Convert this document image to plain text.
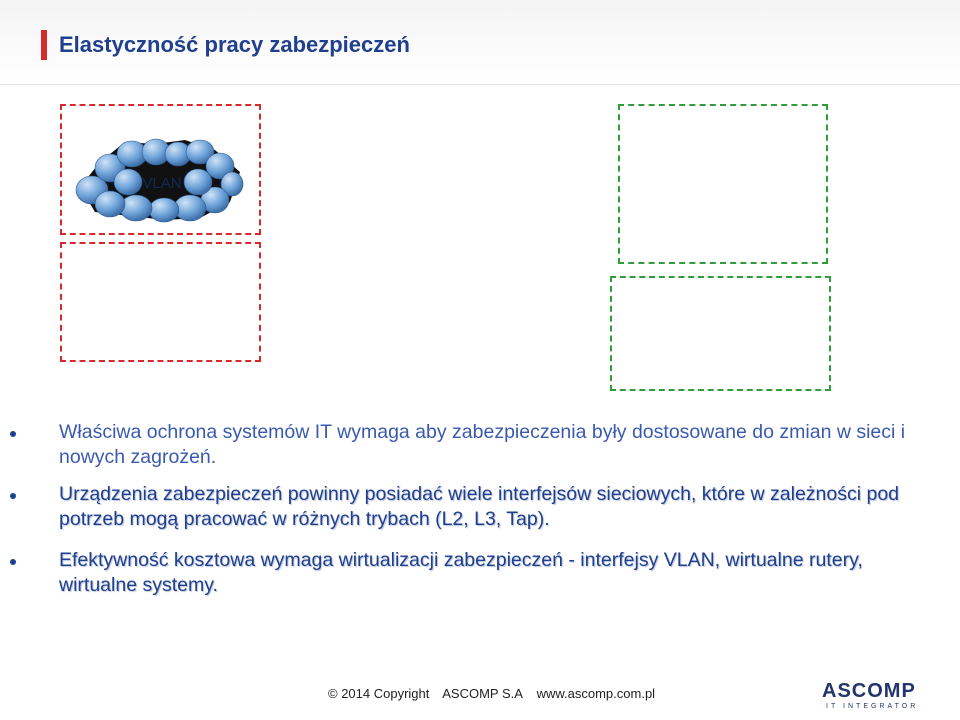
Elastyczność pracy zabezpieczeń
VLAN
Właściwa ochrona systemów IT wymaga aby zabezpieczenia były dostosowane do zmian w sieci i nowych zagrożeń.
Urządzenia zabezpieczeń powinny posiadać wiele interfejsów sieciowych, które w zależności pod potrzeb mogą pracować w różnych trybach (L2, L3, Tap).
Efektywność kosztowa wymaga wirtualizacji zabezpieczeń - interfejsy VLAN, wirtualne rutery, wirtualne systemy.
© 2014 Copyright ASCOMP S.A www.ascomp.com.pl	ASCOMP
IT INTEGRATOR
